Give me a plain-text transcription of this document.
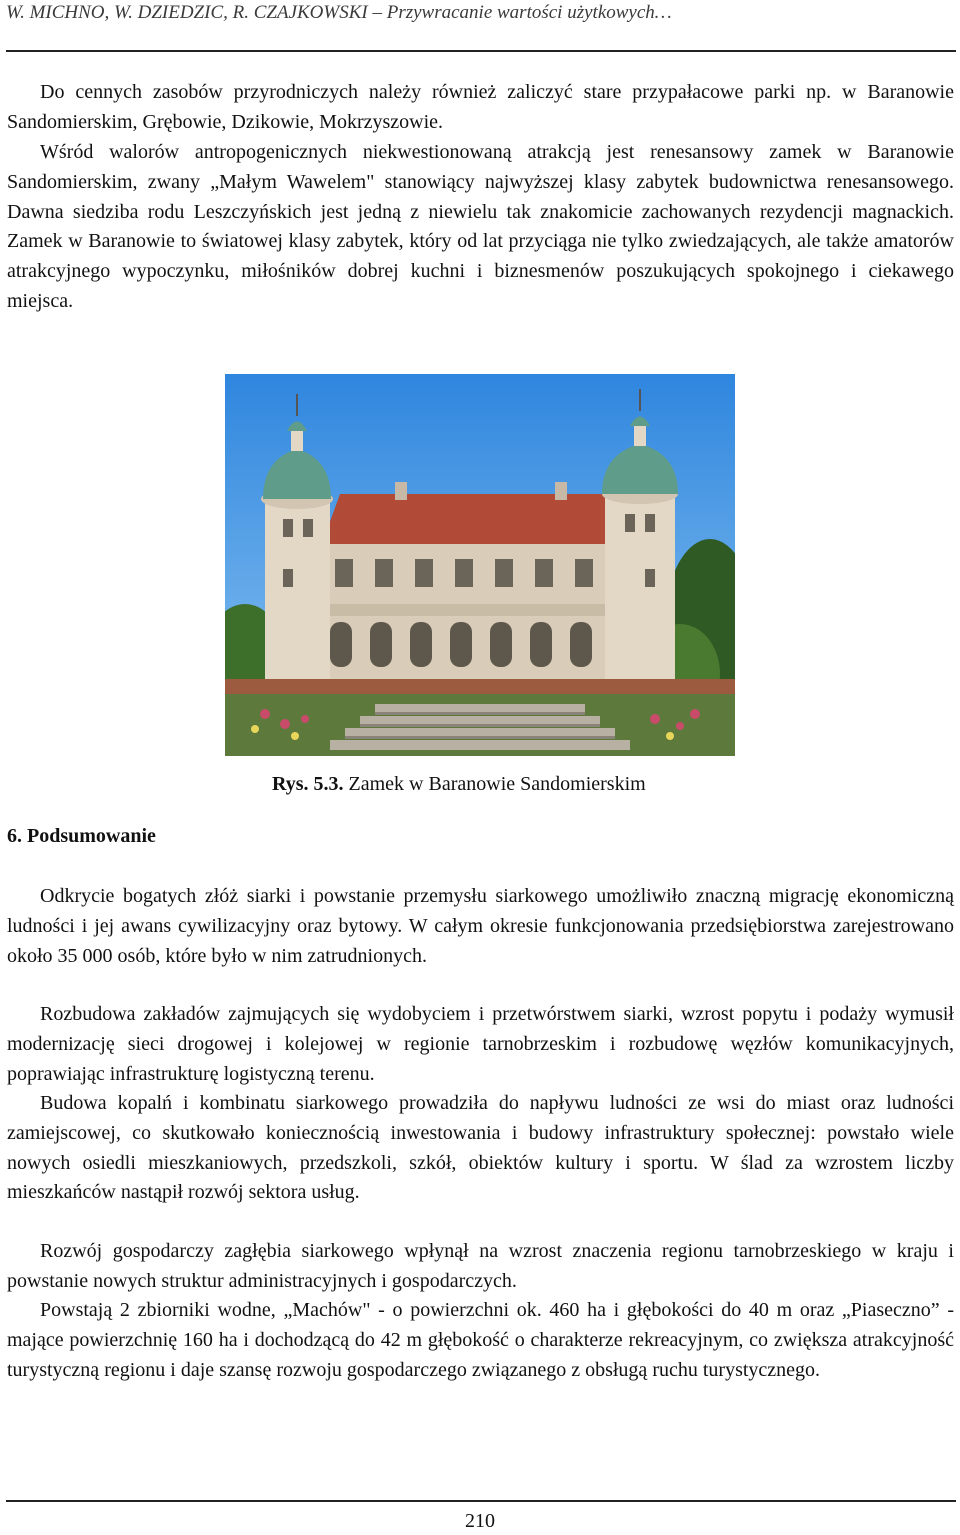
W. MICHNO, W. DZIEDZIC, R. CZAJKOWSKI – Przywracanie wartości użytkowych…

Do cennych zasobów przyrodniczych należy również zaliczyć stare przypałacowe parki np. w Baranowie Sandomierskim, Grębowie, Dzikowie, Mokrzyszowie.

Wśród walorów antropogenicznych niekwestionowaną atrakcją jest renesansowy zamek w Baranowie Sandomierskim, zwany „Małym Wawelem" stanowiący najwyższej klasy zabytek budownictwa renesansowego. Dawna siedziba rodu Leszczyńskich jest jedną z niewielu tak znakomicie zachowanych rezydencji magnackich. Zamek w Baranowie to światowej klasy zabytek, który od lat przyciąga nie tylko zwiedzających, ale także amatorów atrakcyjnego wypoczynku, miłośników dobrej kuchni i biznesmenów poszukujących spokojnego i ciekawego miejsca.

Rys. 5.3. Zamek w Baranowie Sandomierskim
6. Podsumowanie

Odkrycie bogatych złóż siarki i powstanie przemysłu siarkowego umożliwiło znaczną migrację ekonomiczną ludności i jej awans cywilizacyjny oraz bytowy. W całym okresie funkcjonowania przedsiębiorstwa zarejestrowano około 35 000 osób, które było w nim zatrudnionych.

Rozbudowa zakładów zajmujących się wydobyciem i przetwórstwem siarki, wzrost popytu i podaży wymusił modernizację sieci drogowej i kolejowej w regionie tarnobrzeskim i rozbudowę węzłów komunikacyjnych, poprawiając infrastrukturę logistyczną terenu.

Budowa kopalń i kombinatu siarkowego prowadziła do napływu ludności ze wsi do miast oraz ludności zamiejscowej, co skutkowało koniecznością inwestowania i budowy infrastruktury społecznej: powstało wiele nowych osiedli mieszkaniowych, przedszkoli, szkół, obiektów kultury i sportu. W ślad za wzrostem liczby mieszkańców nastąpił rozwój sektora usług.

Rozwój gospodarczy zagłębia siarkowego wpłynął na wzrost znaczenia regionu tarnobrzeskiego w kraju i powstanie nowych struktur administracyjnych i gospodarczych.

Powstają 2 zbiorniki wodne, „Machów" - o powierzchni ok. 460 ha i głębokości do 40 m oraz „Piaseczno” - mające powierzchnię 160 ha i dochodzącą do 42 m głębokość o charakterze rekreacyjnym, co zwiększa atrakcyjność turystyczną regionu i daje szansę rozwoju gospodarczego związanego z obsługą ruchu turystycznego.

210
